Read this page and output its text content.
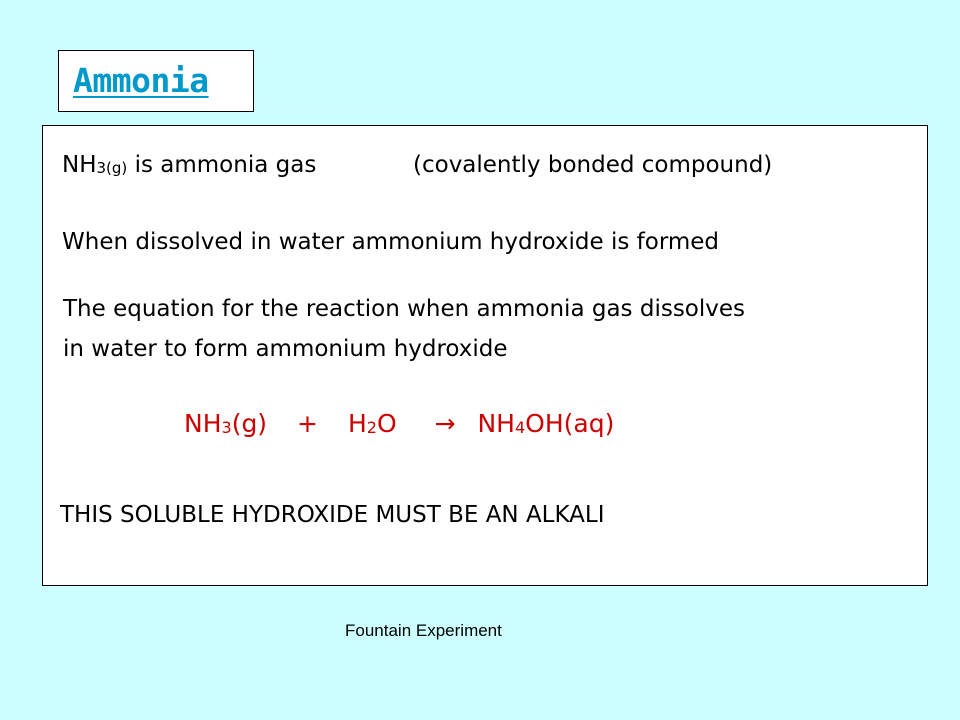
Ammonia
NH3(g) is ammonia gas	(covalently bonded compound)
When dissolved in water ammonium hydroxide is formed
The equation for the reaction when ammonia gas dissolves
in water to form ammonium hydroxide
NH3(g) + H2O → NH4OH(aq)
THIS SOLUBLE HYDROXIDE MUST BE AN ALKALI
Fountain Experiment
